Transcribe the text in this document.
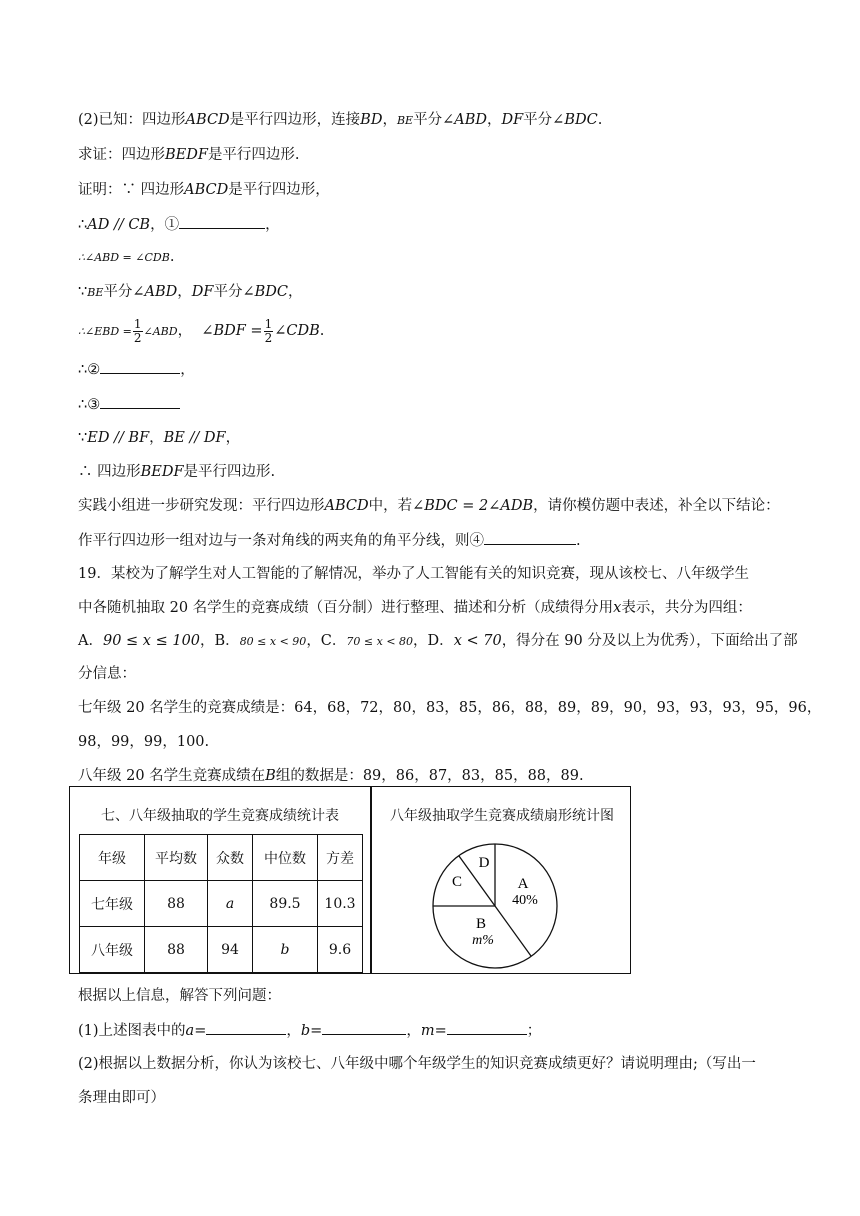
(2)已知：四边形ABCD是平行四边形，连接BD，BE平分∠ABD，DF平分∠BDC.
求证：四边形BEDF是平行四边形.
证明：∵ 四边形ABCD是平行四边形，
∴AD // CB，①	，
∴∠ABD = ∠CDB.
∵BE平分∠ABD，DF平分∠BDC，
∴∠EBD = $\frac{1}{2}$ ∠ABD， ∠BDF = $\frac{1}{2}$ ∠CDB.
∴②	，
∴③
∵ED // BF，BE // DF，
∴ 四边形BEDF是平行四边形.
实践小组进一步研究发现：平行四边形ABCD中，若∠BDC = 2∠ADB，请你模仿题中表述，补全以下结论：
作平行四边形一组对边与一条对角线的两夹角的角平分线，则④	.
19．某校为了解学生对人工智能的了解情况，举办了人工智能有关的知识竞赛，现从该校七、八年级学生
中各随机抽取 20 名学生的竞赛成绩（百分制）进行整理、描述和分析（成绩得分用x表示，共分为四组：
A．90 ≤ x ≤ 100，B．80 ≤ x < 90，C．70 ≤ x < 80，D．x < 70，得分在 90 分及以上为优秀），下面给出了部
分信息：
七年级 20 名学生的竞赛成绩是：64，68，72，80，83，85，86，88，89，89，90，93，93，93，95，96，
98，99，99，100.
八年级 20 名学生竞赛成绩在B组的数据是：89，86，87，83，85，88，89.
七、八年级抽取的学生竞赛成绩统计表
年级	平均数	众数	中位数	方差
七年级	88	a	89.5	10.3
八年级	88	94	b	9.6
八年级抽取学生竞赛成绩扇形统计图
A
40%
B
m%
C
D
根据以上信息，解答下列问题：
(1)上述图表中的a=	，b=	，m=	；
(2)根据以上数据分析，你认为该校七、八年级中哪个年级学生的知识竞赛成绩更好？请说明理由;（写出一
条理由即可）
